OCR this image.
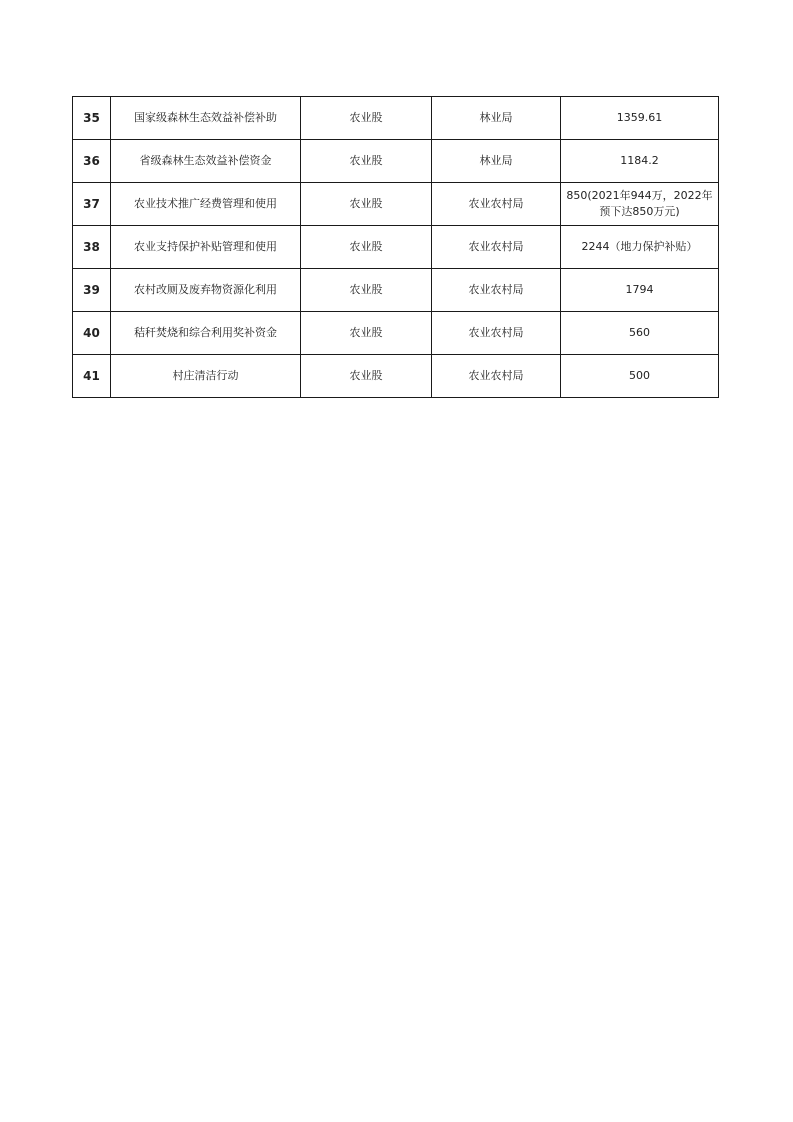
35	国家级森林生态效益补偿补助	农业股	林业局	1359.61
36	省级森林生态效益补偿资金	农业股	林业局	1184.2
37	农业技术推广经费管理和使用	农业股	农业农村局	850(2021年944万，2022年预下达850万元)
38	农业支持保护补贴管理和使用	农业股	农业农村局	2244（地力保护补贴）
39	农村改厕及废弃物资源化利用	农业股	农业农村局	1794
40	秸秆焚烧和综合利用奖补资金	农业股	农业农村局	560
41	村庄清洁行动	农业股	农业农村局	500
